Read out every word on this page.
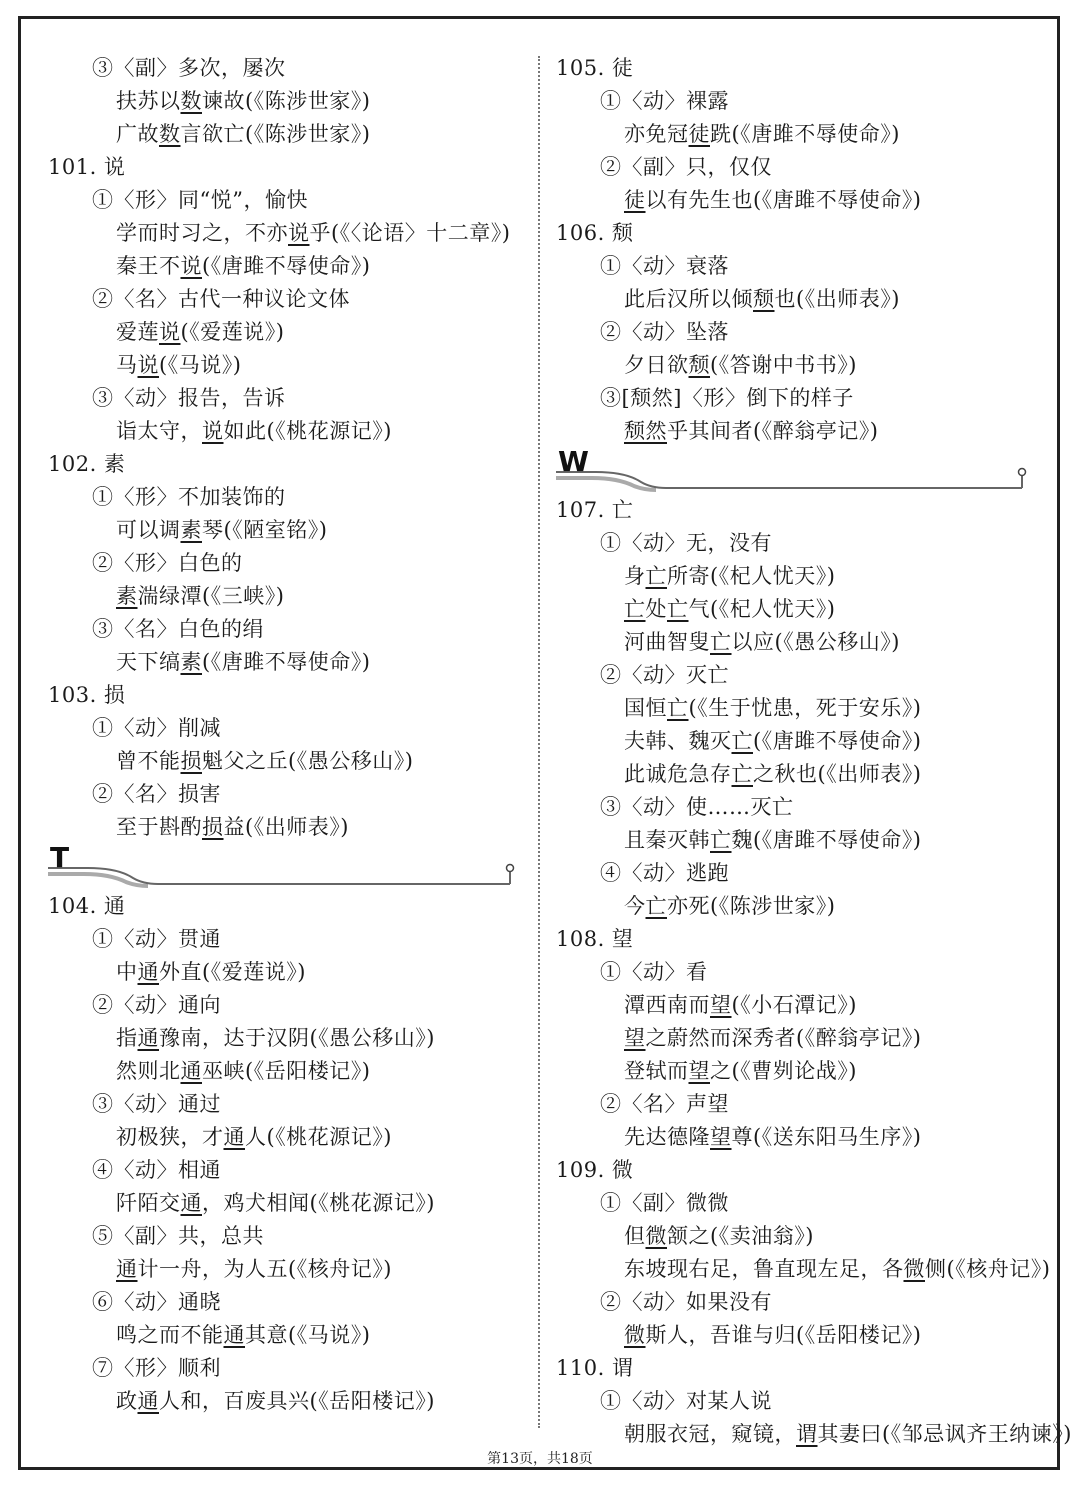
③〈副〉多次，屡次
扶苏以数谏故(《陈涉世家》)
广故数言欲亡(《陈涉世家》)
101. 说
①〈形〉同“悦”，愉快
学而时习之，不亦说乎(《〈论语〉十二章》)
秦王不说(《唐雎不辱使命》)
②〈名〉古代一种议论文体
爱莲说(《爱莲说》)
马说(《马说》)
③〈动〉报告，告诉
诣太守，说如此(《桃花源记》)
102. 素
①〈形〉不加装饰的
可以调素琴(《陋室铭》)
②〈形〉白色的
素湍绿潭(《三峡》)
③〈名〉白色的绢
天下缟素(《唐雎不辱使命》)
103. 损
①〈动〉削减
曾不能损魁父之丘(《愚公移山》)
②〈名〉损害
至于斟酌损益(《出师表》)
T
104. 通
①〈动〉贯通
中通外直(《爱莲说》)
②〈动〉通向
指通豫南，达于汉阴(《愚公移山》)
然则北通巫峡(《岳阳楼记》)
③〈动〉通过
初极狭，才通人(《桃花源记》)
④〈动〉相通
阡陌交通，鸡犬相闻(《桃花源记》)
⑤〈副〉共，总共
通计一舟，为人五(《核舟记》)
⑥〈动〉通晓
鸣之而不能通其意(《马说》)
⑦〈形〉顺利
政通人和，百废具兴(《岳阳楼记》)
105. 徒
①〈动〉裸露
亦免冠徒跣(《唐雎不辱使命》)
②〈副〉只，仅仅
徒以有先生也(《唐雎不辱使命》)
106. 颓
①〈动〉衰落
此后汉所以倾颓也(《出师表》)
②〈动〉坠落
夕日欲颓(《答谢中书书》)
③[颓然]〈形〉倒下的样子
颓然乎其间者(《醉翁亭记》)
W
107. 亡
①〈动〉无，没有
身亡所寄(《杞人忧天》)
亡处亡气(《杞人忧天》)
河曲智叟亡以应(《愚公移山》)
②〈动〉灭亡
国恒亡(《生于忧患，死于安乐》)
夫韩、魏灭亡(《唐雎不辱使命》)
此诚危急存亡之秋也(《出师表》)
③〈动〉使……灭亡
且秦灭韩亡魏(《唐雎不辱使命》)
④〈动〉逃跑
今亡亦死(《陈涉世家》)
108. 望
①〈动〉看
潭西南而望(《小石潭记》)
望之蔚然而深秀者(《醉翁亭记》)
登轼而望之(《曹刿论战》)
②〈名〉声望
先达德隆望尊(《送东阳马生序》)
109. 微
①〈副〉微微
但微颔之(《卖油翁》)
东坡现右足，鲁直现左足，各微侧(《核舟记》)
②〈动〉如果没有
微斯人，吾谁与归(《岳阳楼记》)
110. 谓
①〈动〉对某人说
朝服衣冠，窥镜，谓其妻曰(《邹忌讽齐王纳谏》)
第13页，共18页
